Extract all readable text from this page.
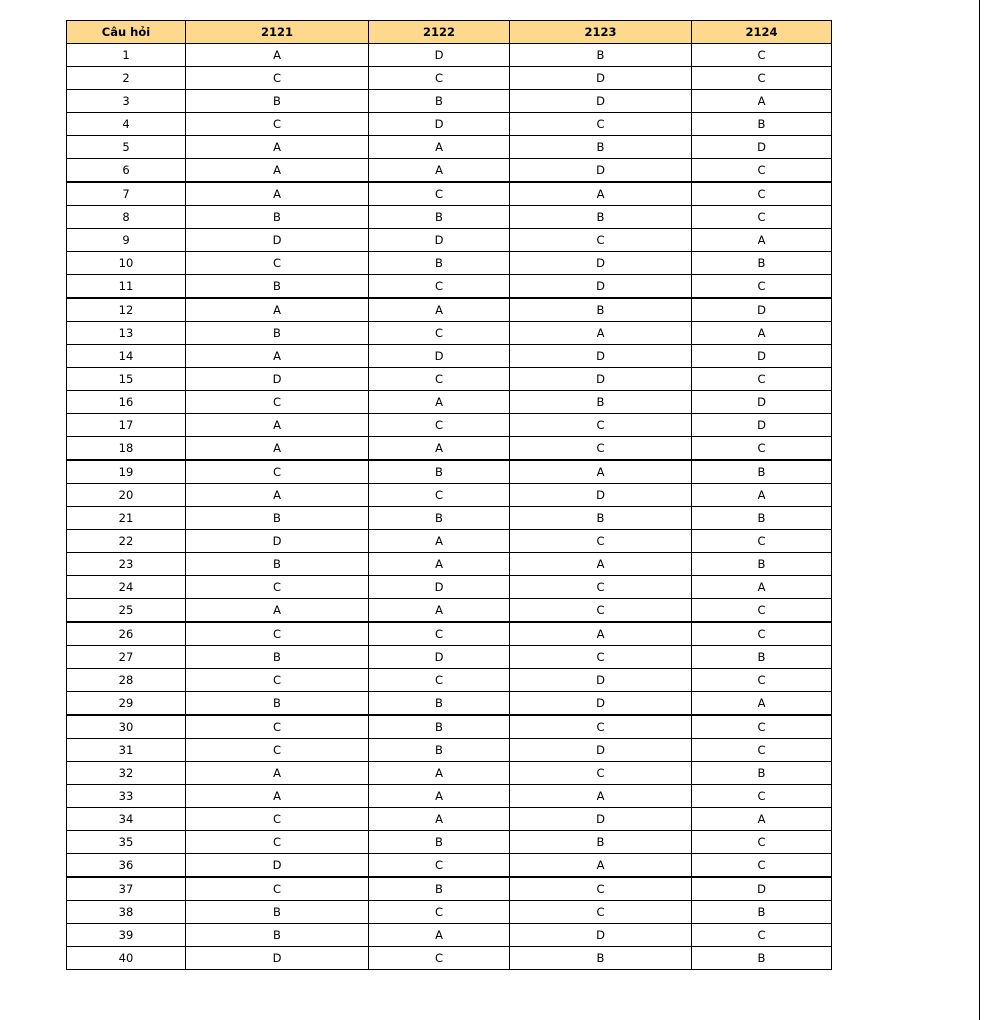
Câu hỏi	2121	2122	2123	2124
1	A	D	B	C
2	C	C	D	C
3	B	B	D	A
4	C	D	C	B
5	A	A	B	D
6	A	A	D	C
7	A	C	A	C
8	B	B	B	C
9	D	D	C	A
10	C	B	D	B
11	B	C	D	C
12	A	A	B	D
13	B	C	A	A
14	A	D	D	D
15	D	C	D	C
16	C	A	B	D
17	A	C	C	D
18	A	A	C	C
19	C	B	A	B
20	A	C	D	A
21	B	B	B	B
22	D	A	C	C
23	B	A	A	B
24	C	D	C	A
25	A	A	C	C
26	C	C	A	C
27	B	D	C	B
28	C	C	D	C
29	B	B	D	A
30	C	B	C	C
31	C	B	D	C
32	A	A	C	B
33	A	A	A	C
34	C	A	D	A
35	C	B	B	C
36	D	C	A	C
37	C	B	C	D
38	B	C	C	B
39	B	A	D	C
40	D	C	B	B
